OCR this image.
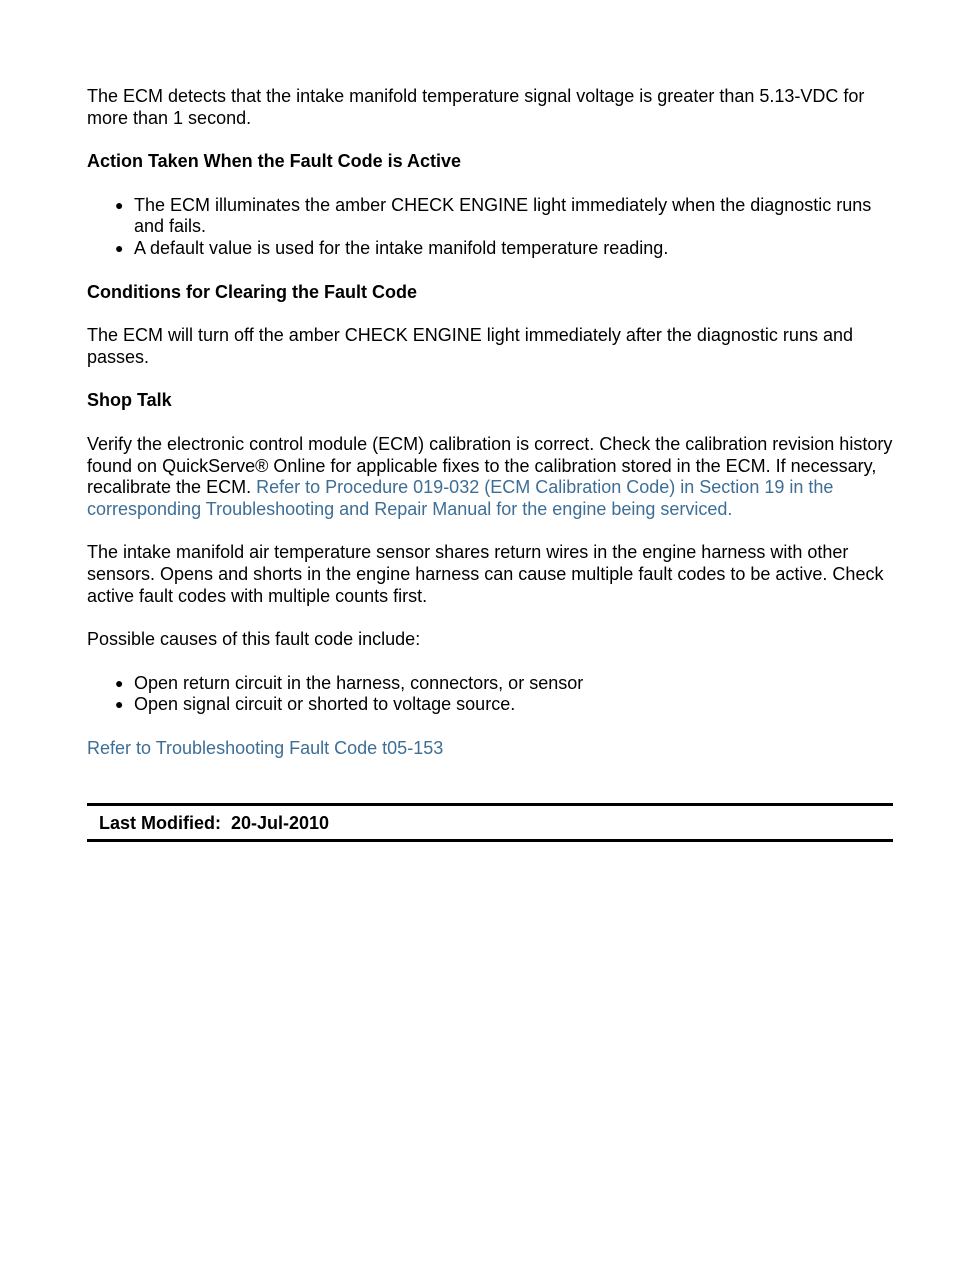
The ECM detects that the intake manifold temperature signal voltage is greater than 5.13-VDC for more than 1 second.

Action Taken When the Fault Code is Active
● The ECM illuminates the amber CHECK ENGINE light immediately when the diagnostic runs and fails.
● A default value is used for the intake manifold temperature reading.
Conditions for Clearing the Fault Code

The ECM will turn off the amber CHECK ENGINE light immediately after the diagnostic runs and passes.

Shop Talk

Verify the electronic control module (ECM) calibration is correct. Check the calibration revision history found on QuickServe® Online for applicable fixes to the calibration stored in the ECM. If necessary, recalibrate the ECM. Refer to Procedure 019-032 (ECM Calibration Code) in Section 19 in the corresponding Troubleshooting and Repair Manual for the engine being serviced.

The intake manifold air temperature sensor shares return wires in the engine harness with other sensors. Opens and shorts in the engine harness can cause multiple fault codes to be active. Check active fault codes with multiple counts first.

Possible causes of this fault code include:

● Open return circuit in the harness, connectors, or sensor
● Open signal circuit or shorted to voltage source.

Refer to Troubleshooting Fault Code t05-153

Last Modified:  20-Jul-2010
